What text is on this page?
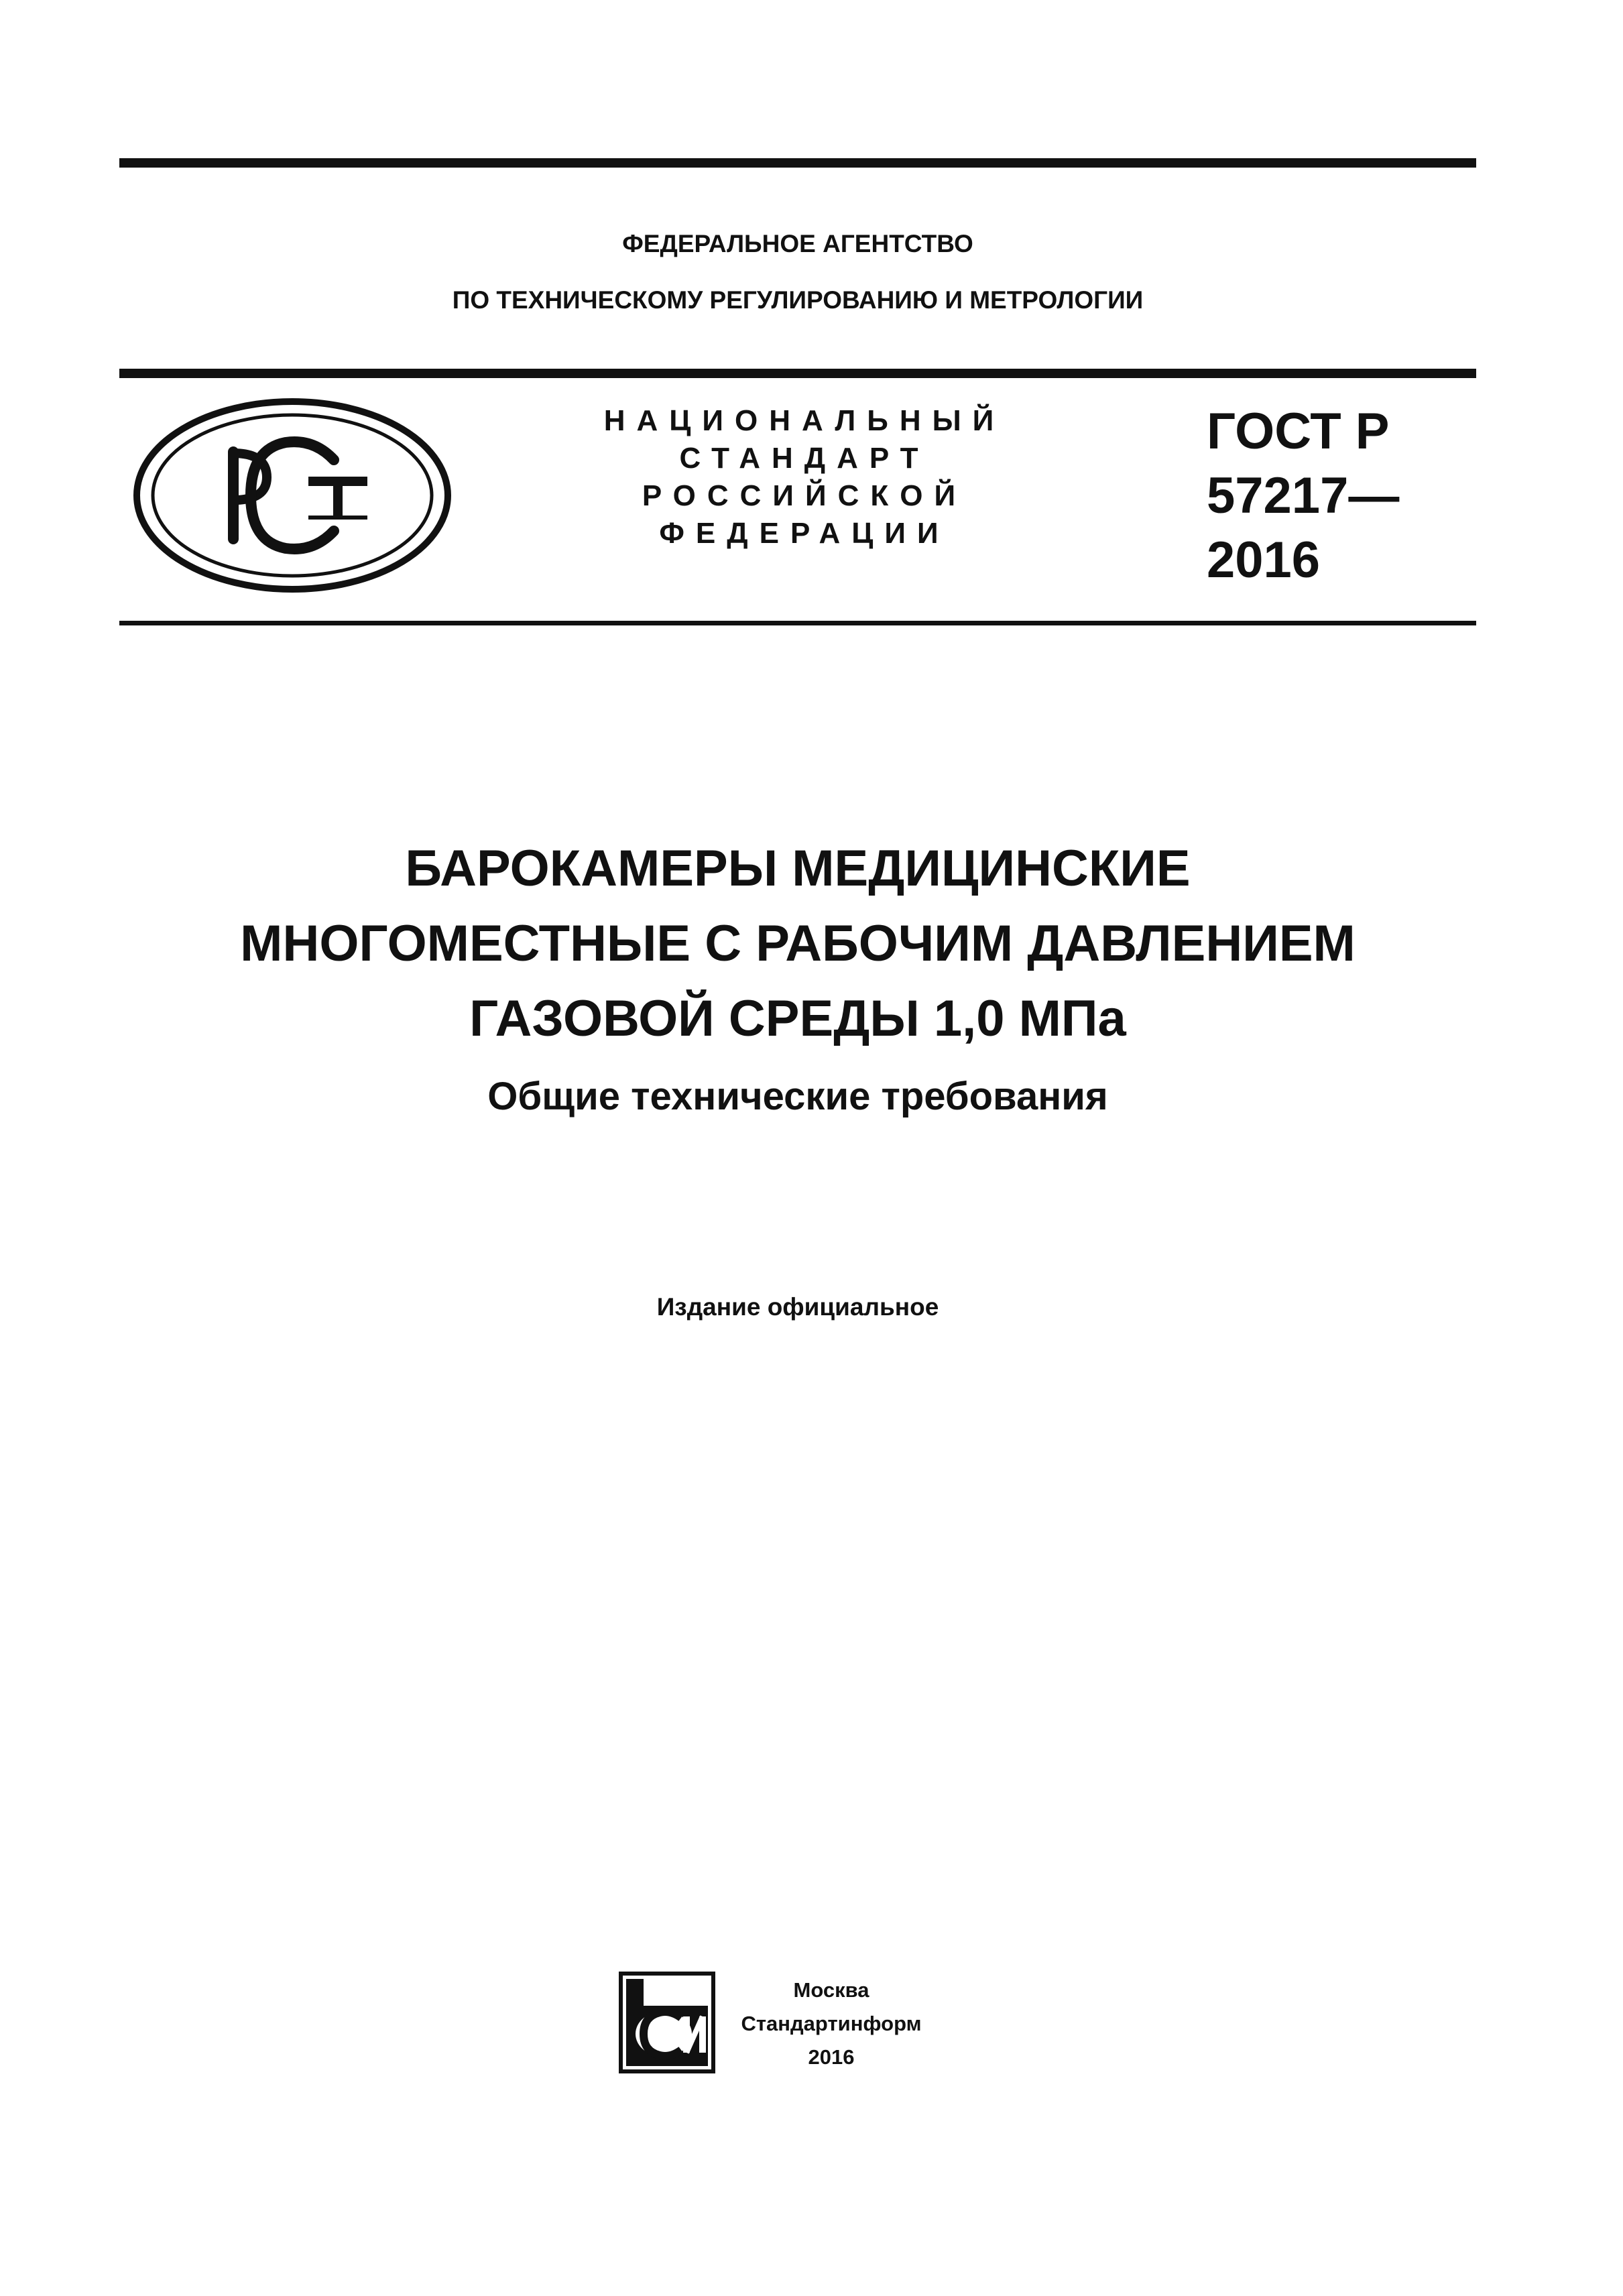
ФЕДЕРАЛЬНОЕ АГЕНТСТВО
ПО ТЕХНИЧЕСКОМУ РЕГУЛИРОВАНИЮ И МЕТРОЛОГИИ
НАЦИОНАЛЬНЫЙ
СТАНДАРТ
РОССИЙСКОЙ
ФЕДЕРАЦИИ
ГОСТ Р
57217—
2016
БАРОКАМЕРЫ МЕДИЦИНСКИЕ
МНОГОМЕСТНЫЕ С РАБОЧИМ ДАВЛЕНИЕМ
ГАЗОВОЙ СРЕДЫ 1,0 МПа
Общие технические требования
Издание официальное
Москва
Стандартинформ
2016
